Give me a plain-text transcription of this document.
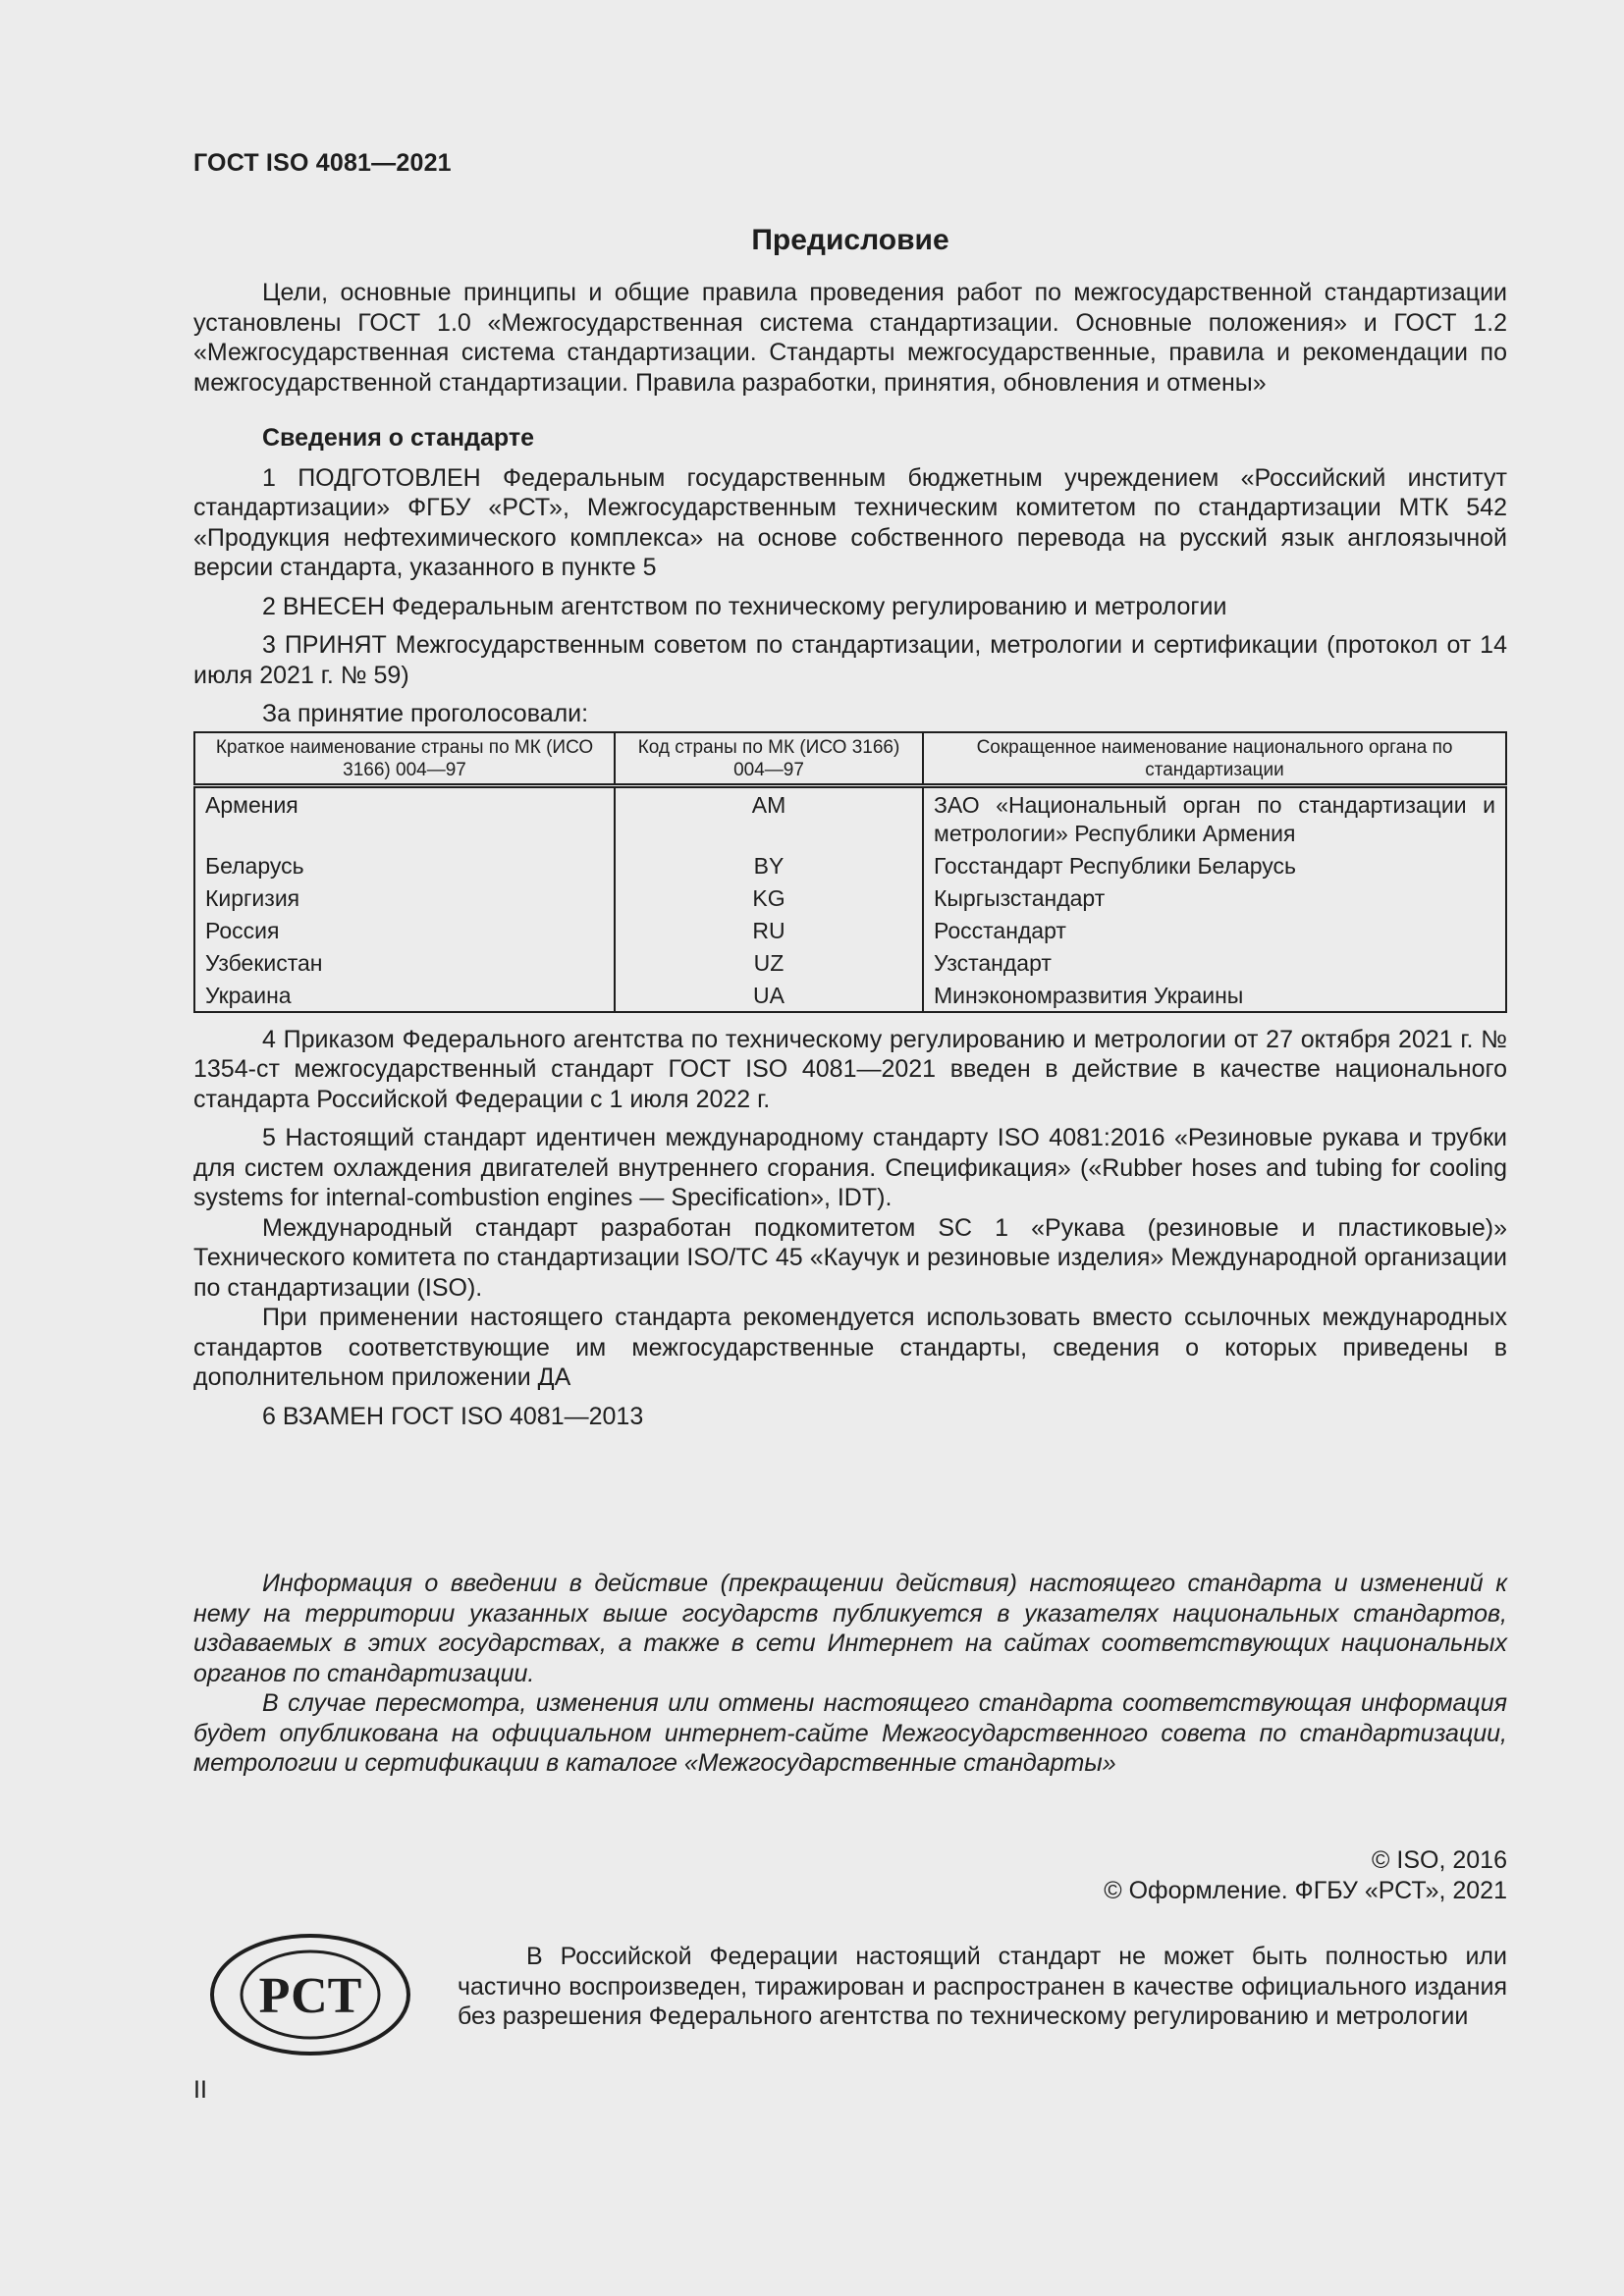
ГОСТ ISO 4081—2021
Предисловие

Цели, основные принципы и общие правила проведения работ по межгосударственной стандартизации установлены ГОСТ 1.0 «Межгосударственная система стандартизации. Основные положения» и ГОСТ 1.2 «Межгосударственная система стандартизации. Стандарты межгосударственные, правила и рекомендации по межгосударственной стандартизации. Правила разработки, принятия, обновления и отмены»

Сведения о стандарте

1 ПОДГОТОВЛЕН Федеральным государственным бюджетным учреждением «Российский институт стандартизации» ФГБУ «РСТ», Межгосударственным техническим комитетом по стандартизации МТК 542 «Продукция нефтехимического комплекса» на основе собственного перевода на русский язык англоязычной версии стандарта, указанного в пункте 5

2 ВНЕСЕН Федеральным агентством по техническому регулированию и метрологии

3 ПРИНЯТ Межгосударственным советом по стандартизации, метрологии и сертификации (протокол от 14 июля 2021 г. № 59)

За принятие проголосовали:

Краткое наименование страны по МК (ИСО 3166) 004—97	Код страны по МК (ИСО 3166) 004—97	Сокращенное наименование национального органа по стандартизации
Армения	AM	ЗАО «Национальный орган по стандартизации и метрологии» Республики Армения
Беларусь	BY	Госстандарт Республики Беларусь
Киргизия	KG	Кыргызстандарт
Россия	RU	Росстандарт
Узбекистан	UZ	Узстандарт
Украина	UA	Минэкономразвития Украины

4 Приказом Федерального агентства по техническому регулированию и метрологии от 27 октября 2021 г. № 1354-ст межгосударственный стандарт ГОСТ ISO 4081—2021 введен в действие в качестве национального стандарта Российской Федерации с 1 июля 2022 г.

5 Настоящий стандарт идентичен международному стандарту ISO 4081:2016 «Резиновые рукава и трубки для систем охлаждения двигателей внутреннего сгорания. Спецификация» («Rubber hoses and tubing for cooling systems for internal-combustion engines — Specification», IDT).

Международный стандарт разработан подкомитетом SC 1 «Рукава (резиновые и пластиковые)» Технического комитета по стандартизации ISO/TC 45 «Каучук и резиновые изделия» Международной организации по стандартизации (ISO).

При применении настоящего стандарта рекомендуется использовать вместо ссылочных международных стандартов соответствующие им межгосударственные стандарты, сведения о которых приведены в дополнительном приложении ДА

6 ВЗАМЕН ГОСТ ISO 4081—2013

Информация о введении в действие (прекращении действия) настоящего стандарта и изменений к нему на территории указанных выше государств публикуется в указателях национальных стандартов, издаваемых в этих государствах, а также в сети Интернет на сайтах соответствующих национальных органов по стандартизации.

В случае пересмотра, изменения или отмены настоящего стандарта соответствующая информация будет опубликована на официальном интернет-сайте Межгосударственного совета по стандартизации, метрологии и сертификации в каталоге «Межгосударственные стандарты»

© ISO, 2016
© Оформление. ФГБУ «РСТ», 2021
РСТ

В Российской Федерации настоящий стандарт не может быть полностью или частично воспроизведен, тиражирован и распространен в качестве официального издания без разрешения Федерального агентства по техническому регулированию и метрологии

II
